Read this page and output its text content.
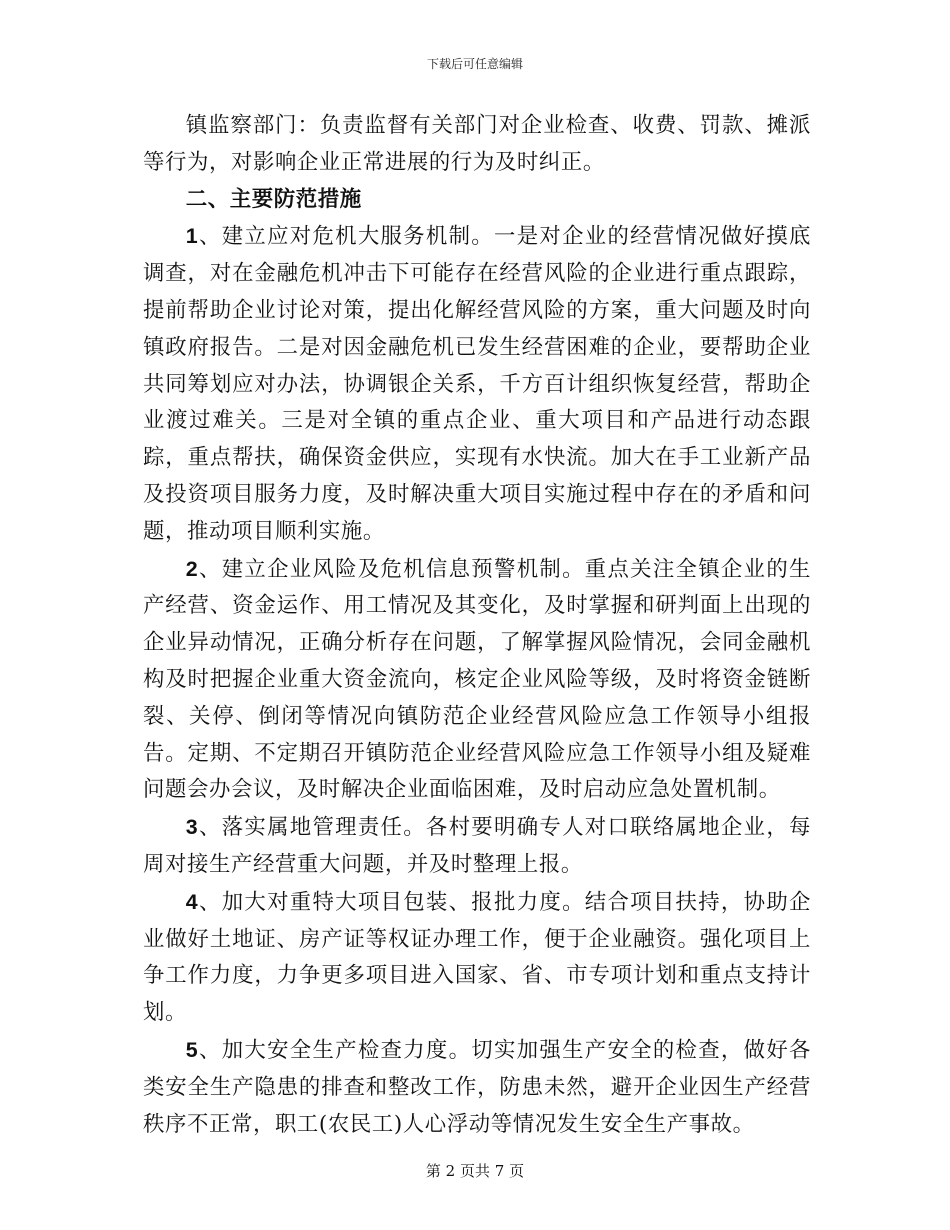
下载后可任意编辑

镇监察部门：负责监督有关部门对企业检查、收费、罚款、摊派等行为，对影响企业正常进展的行为及时纠正。

二、主要防范措施

1、建立应对危机大服务机制。一是对企业的经营情况做好摸底调查，对在金融危机冲击下可能存在经营风险的企业进行重点跟踪，提前帮助企业讨论对策，提出化解经营风险的方案，重大问题及时向镇政府报告。二是对因金融危机已发生经营困难的企业，要帮助企业共同筹划应对办法，协调银企关系，千方百计组织恢复经营，帮助企业渡过难关。三是对全镇的重点企业、重大项目和产品进行动态跟踪，重点帮扶，确保资金供应，实现有水快流。加大在手工业新产品及投资项目服务力度，及时解决重大项目实施过程中存在的矛盾和问题，推动项目顺利实施。

2、建立企业风险及危机信息预警机制。重点关注全镇企业的生产经营、资金运作、用工情况及其变化，及时掌握和研判面上出现的企业异动情况，正确分析存在问题，了解掌握风险情况，会同金融机构及时把握企业重大资金流向，核定企业风险等级，及时将资金链断裂、关停、倒闭等情况向镇防范企业经营风险应急工作领导小组报告。定期、不定期召开镇防范企业经营风险应急工作领导小组及疑难问题会办会议，及时解决企业面临困难，及时启动应急处置机制。

3、落实属地管理责任。各村要明确专人对口联络属地企业，每周对接生产经营重大问题，并及时整理上报。

4、加大对重特大项目包装、报批力度。结合项目扶持，协助企业做好土地证、房产证等权证办理工作，便于企业融资。强化项目上争工作力度，力争更多项目进入国家、省、市专项计划和重点支持计划。

5、加大安全生产检查力度。切实加强生产安全的检查，做好各类安全生产隐患的排查和整改工作，防患未然，避开企业因生产经营秩序不正常，职工(农民工)人心浮动等情况发生安全生产事故。

第 2 页共 7 页
